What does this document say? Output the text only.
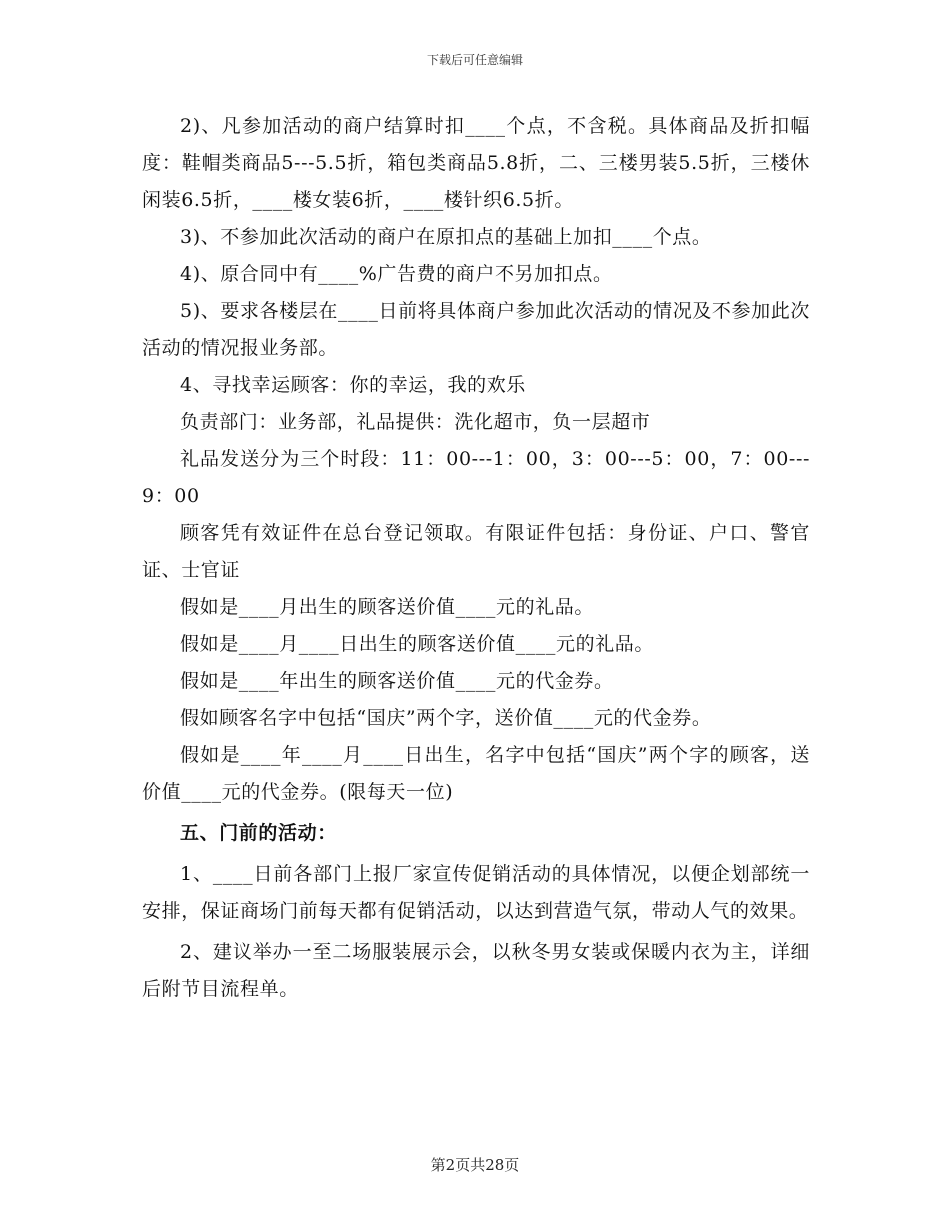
下载后可任意编辑

2)、凡参加活动的商户结算时扣____个点，不含税。具体商品及折扣幅度：鞋帽类商品5---5.5折，箱包类商品5.8折，二、三楼男装5.5折，三楼休闲装6.5折，____楼女装6折，____楼针织6.5折。

3)、不参加此次活动的商户在原扣点的基础上加扣____个点。

4)、原合同中有____%广告费的商户不另加扣点。

5)、要求各楼层在____日前将具体商户参加此次活动的情况及不参加此次活动的情况报业务部。

4、寻找幸运顾客：你的幸运，我的欢乐

负责部门：业务部，礼品提供：洗化超市，负一层超市

礼品发送分为三个时段：11：00---1：00，3：00---5：00，7：00---9：00

顾客凭有效证件在总台登记领取。有限证件包括：身份证、户口、警官证、士官证

假如是____月出生的顾客送价值____元的礼品。

假如是____月____日出生的顾客送价值____元的礼品。

假如是____年出生的顾客送价值____元的代金券。

假如顾客名字中包括“国庆”两个字，送价值____元的代金券。

假如是____年____月____日出生，名字中包括“国庆”两个字的顾客，送价值____元的代金券。(限每天一位)

五、门前的活动：

1、____日前各部门上报厂家宣传促销活动的具体情况，以便企划部统一安排，保证商场门前每天都有促销活动，以达到营造气氛，带动人气的效果。

2、建议举办一至二场服装展示会，以秋冬男女装或保暖内衣为主，详细后附节目流程单。

第2页共28页
